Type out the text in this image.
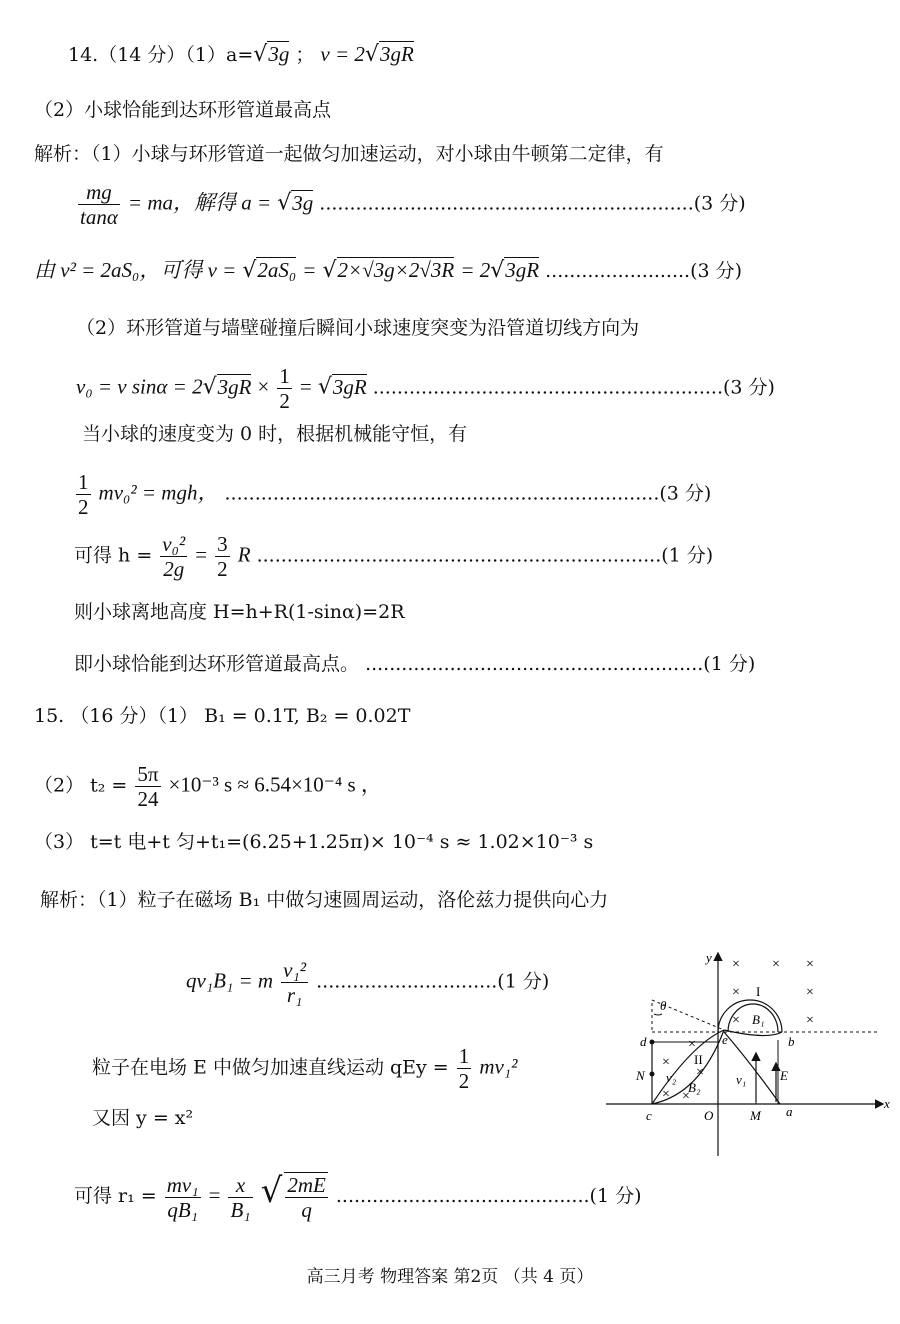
14.（14 分）（1）a=√3g ； v = 2√3gR
（2）小球恰能到达环形管道最高点
解析：（1）小球与环形管道一起做匀加速运动，对小球由牛顿第二定律，有
$\frac{mg}{\tan\alpha}$ = ma，解得 a = √3g ..............................................................(3 分)
由 v² = 2aS₀，可得 v = √2aS₀ = √2×√3g×2√3R = 2√3gR ........................(3 分)
（2）环形管道与墙壁碰撞后瞬间小球速度突变为沿管道切线方向为
v₀ = v $\sin\alpha = 2√3gR \times \frac{1}{2} = √3gR$ ..........................................................(3 分)
当小球的速度变为 0 时，根据机械能守恒，有
$\frac{1}{2} mv_0^2$ = mgh， ........................................................................(3 分)
可得 $h = \frac{\text{v₀²}}{2g} = \frac{3}{2}$ R ...................................................................(1 分)
则小球离地高度 H=h+R(1-sinα)=2R
即小球恰能到达环形管道最高点。 ........................................................(1 分)
15. （16 分）（1） B₁ = 0.1T, B₂ = 0.02T
（2） $t_2 = \frac{5\pi}{24} \times 10^{-3}$ s ≈ 6.54×10⁻⁴ s ，
（3） t=t 电+t 匀+t₁=(6.25+1.25π)× 10⁻⁴ s ≈ 1.02×10⁻³ s
解析：（1）粒子在磁场 B₁ 中做匀速圆周运动，洛伦兹力提供向心力
qv₁B₁ = m $\frac{\text{v₁²}}{\text{r₁}} ..............................(1$ 分)
粒子在电场 E 中做匀加速直线运动 qEy = $\frac{1}{2} mv_1^2$
又因 y = x²
可得 $r_1 = \frac{\text{mv₁}}{\text{qB₁}} = \frac{x}{\text{B₁}}$ √ $\frac{2mE}{q} ..........................................(1$ 分)
y
x
θ
d	e	b
N
c	O	M a
I
II
B₁
B₂
v₁
v₂	E
× × ×
×	×
×
×
×
×
×
× ×
高三月考 物理答案 第2页 （共 4 页）
